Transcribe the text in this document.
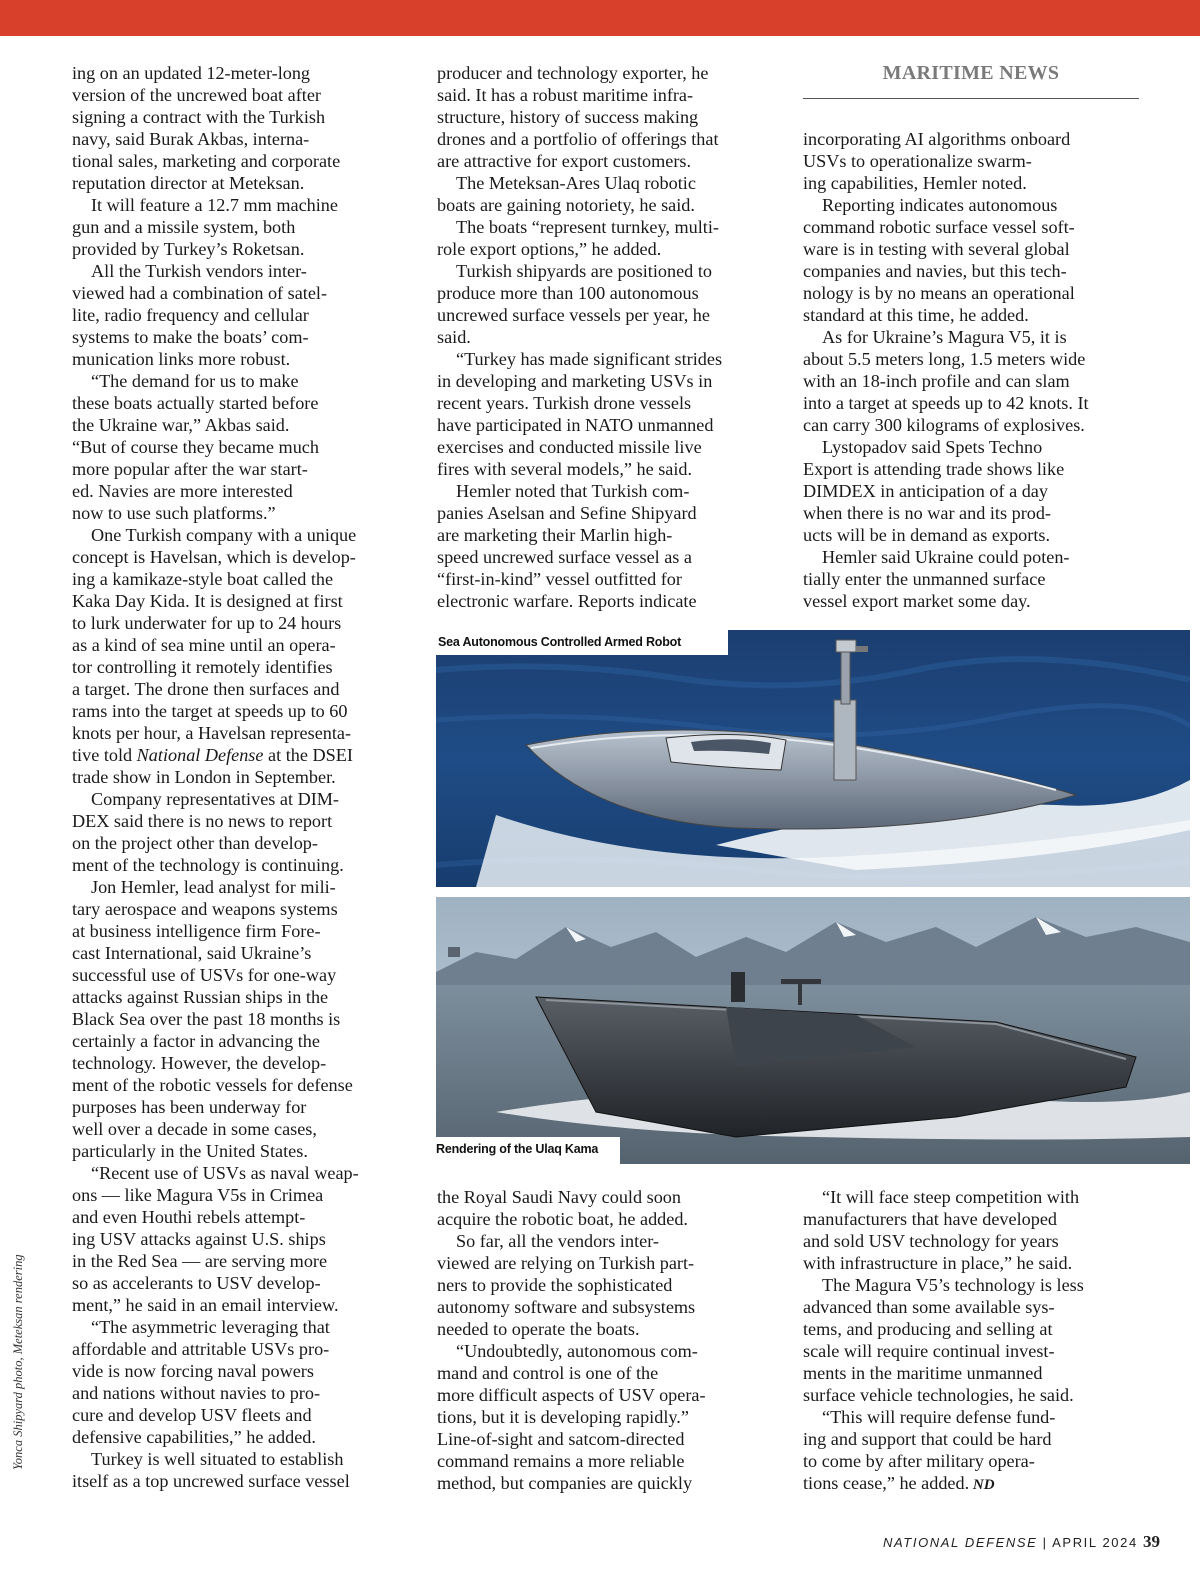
ing on an updated 12-meter-long

version of the uncrewed boat after

signing a contract with the Turkish

navy, said Burak Akbas, interna-

tional sales, marketing and corporate

reputation director at Meteksan.

It will feature a 12.7 mm machine

gun and a missile system, both

provided by Turkey’s Roketsan.

All the Turkish vendors inter-

viewed had a combination of satel-

lite, radio frequency and cellular

systems to make the boats’ com-

munication links more robust.

“The demand for us to make

these boats actually started before

the Ukraine war,” Akbas said.

“But of course they became much

more popular after the war start-

ed. Navies are more interested

now to use such platforms.”

One Turkish company with a unique

concept is Havelsan, which is develop-

ing a kamikaze-style boat called the

Kaka Day Kida. It is designed at first

to lurk underwater for up to 24 hours

as a kind of sea mine until an opera-

tor controlling it remotely identifies

a target. The drone then surfaces and

rams into the target at speeds up to 60

knots per hour, a Havelsan representa-

tive told National Defense at the DSEI

trade show in London in September.

Company representatives at DIM-

DEX said there is no news to report

on the project other than develop-

ment of the technology is continuing.

Jon Hemler, lead analyst for mili-

tary aerospace and weapons systems

at business intelligence firm Fore-

cast International, said Ukraine’s

successful use of USVs for one-way

attacks against Russian ships in the

Black Sea over the past 18 months is

certainly a factor in advancing the

technology. However, the develop-

ment of the robotic vessels for defense

purposes has been underway for

well over a decade in some cases,

particularly in the United States.

“Recent use of USVs as naval weap-

ons — like Magura V5s in Crimea

and even Houthi rebels attempt-

ing USV attacks against U.S. ships

in the Red Sea — are serving more

so as accelerants to USV develop-

ment,” he said in an email interview.

“The asymmetric leveraging that

affordable and attritable USVs pro-

vide is now forcing naval powers

and nations without navies to pro-

cure and develop USV fleets and

defensive capabilities,” he added.

Turkey is well situated to establish

itself as a top uncrewed surface vessel

producer and technology exporter, he

said. It has a robust maritime infra-

structure, history of success making

drones and a portfolio of offerings that

are attractive for export customers.

The Meteksan-Ares Ulaq robotic

boats are gaining notoriety, he said.

The boats “represent turnkey, multi-

role export options,” he added.

Turkish shipyards are positioned to

produce more than 100 autonomous

uncrewed surface vessels per year, he

said.

“Turkey has made significant strides

in developing and marketing USVs in

recent years. Turkish drone vessels

have participated in NATO unmanned

exercises and conducted missile live

fires with several models,” he said.

Hemler noted that Turkish com-

panies Aselsan and Sefine Shipyard

are marketing their Marlin high-

speed uncrewed surface vessel as a

“first-in-kind” vessel outfitted for

electronic warfare. Reports indicate

MARITIME NEWS

incorporating AI algorithms onboard

USVs to operationalize swarm-

ing capabilities, Hemler noted.

Reporting indicates autonomous

command robotic surface vessel soft-

ware is in testing with several global

companies and navies, but this tech-

nology is by no means an operational

standard at this time, he added.

As for Ukraine’s Magura V5, it is

about 5.5 meters long, 1.5 meters wide

with an 18-inch profile and can slam

into a target at speeds up to 42 knots. It

can carry 300 kilograms of explosives.

Lystopadov said Spets Techno

Export is attending trade shows like

DIMDEX in anticipation of a day

when there is no war and its prod-

ucts will be in demand as exports.

Hemler said Ukraine could poten-

tially enter the unmanned surface

vessel export market some day.

Sea Autonomous Controlled Armed Robot
Rendering of the Ulaq Kama

the Royal Saudi Navy could soon

acquire the robotic boat, he added.

So far, all the vendors inter-

viewed are relying on Turkish part-

ners to provide the sophisticated

autonomy software and subsystems

needed to operate the boats.

“Undoubtedly, autonomous com-

mand and control is one of the

more difficult aspects of USV opera-

tions, but it is developing rapidly.”

Line-of-sight and satcom-directed

command remains a more reliable

method, but companies are quickly

“It will face steep competition with

manufacturers that have developed

and sold USV technology for years

with infrastructure in place,” he said.

The Magura V5’s technology is less

advanced than some available sys-

tems, and producing and selling at

scale will require continual invest-

ments in the maritime unmanned

surface vehicle technologies, he said.

“This will require defense fund-

ing and support that could be hard

to come by after military opera-

tions cease,” he added. ND

Yonca Shipyard photo, Meteksan rendering
NATIONAL DEFENSE | APRIL 2024 39
